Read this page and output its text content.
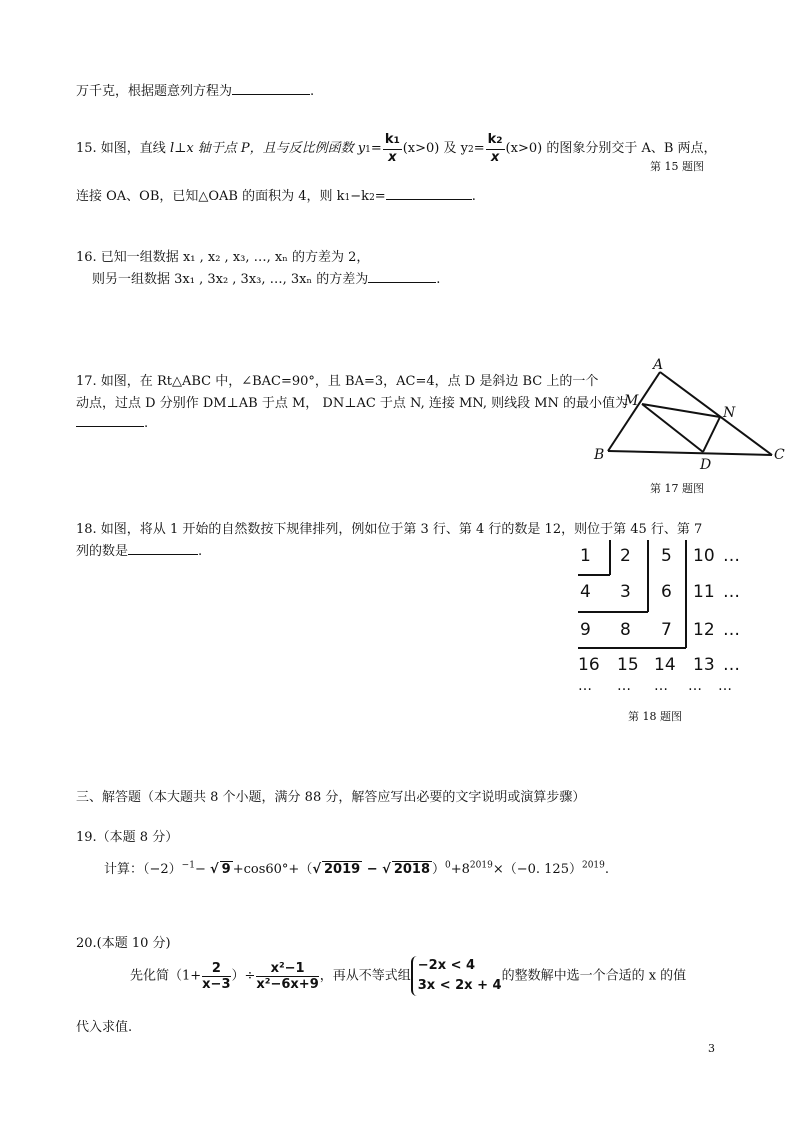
万千克，根据题意列方程为	.
15. 如图，直线 l⊥x 轴于点 P，且与反比例函数 $y1= \frac{k1}{x} (x>0)$ 及 $y2= \frac{k2}{x} (x>0)$ 的图象分别交于 A、B 两点，
第 15 题图
连接 OA、OB，已知△OAB 的面积为 4，则 k1−k2=	.
16. 已知一组数据 x₁ , x₂ , x₃, …, xₙ 的方差为 2，
则另一组数据 3x₁ , 3x₂ , 3x₃, …, 3xₙ 的方差为	.
17. 如图，在 Rt△ABC 中，∠BAC=90°，且 BA=3，AC=4，点 D 是斜边 BC 上的一个
动点，过点 D 分别作 DM⊥AB 于点 M， DN⊥AC 于点 N, 连接 MN, 则线段 MN 的最小值为
.
A
B	C
D
M
N
第 17 题图
18. 如图，将从 1 开始的自然数按下规律排列，例如位于第 3 行、第 4 行的数是 12，则位于第 45 行、第 7
列的数是	.	1 2 5 10 …
4 3 6 11 …
9 8 7 12 …
16 15 14 13 …
… … … … …
第 18 题图
三、解答题（本大题共 8 个小题，满分 88 分，解答应写出必要的文字说明或演算步骤）
19.（本题 8 分）
计算：$(-2)^{-1}-$ √ 9 +cos60°+（√ 2019 − √ 2018 ）$^0+8^{2019}\times(-0$. 125）$^{2019}$.
20.(本题 10 分)
先化简（$1+ \frac{2}{x-3}$ ）÷ $\frac{\text{x²−1}}{\text{x²−6x+9}}$ ，再从不等式组
−2x < 4
3x < 2x + 4
的整数解中选一个合适的 x 的值
代入求值.
3
